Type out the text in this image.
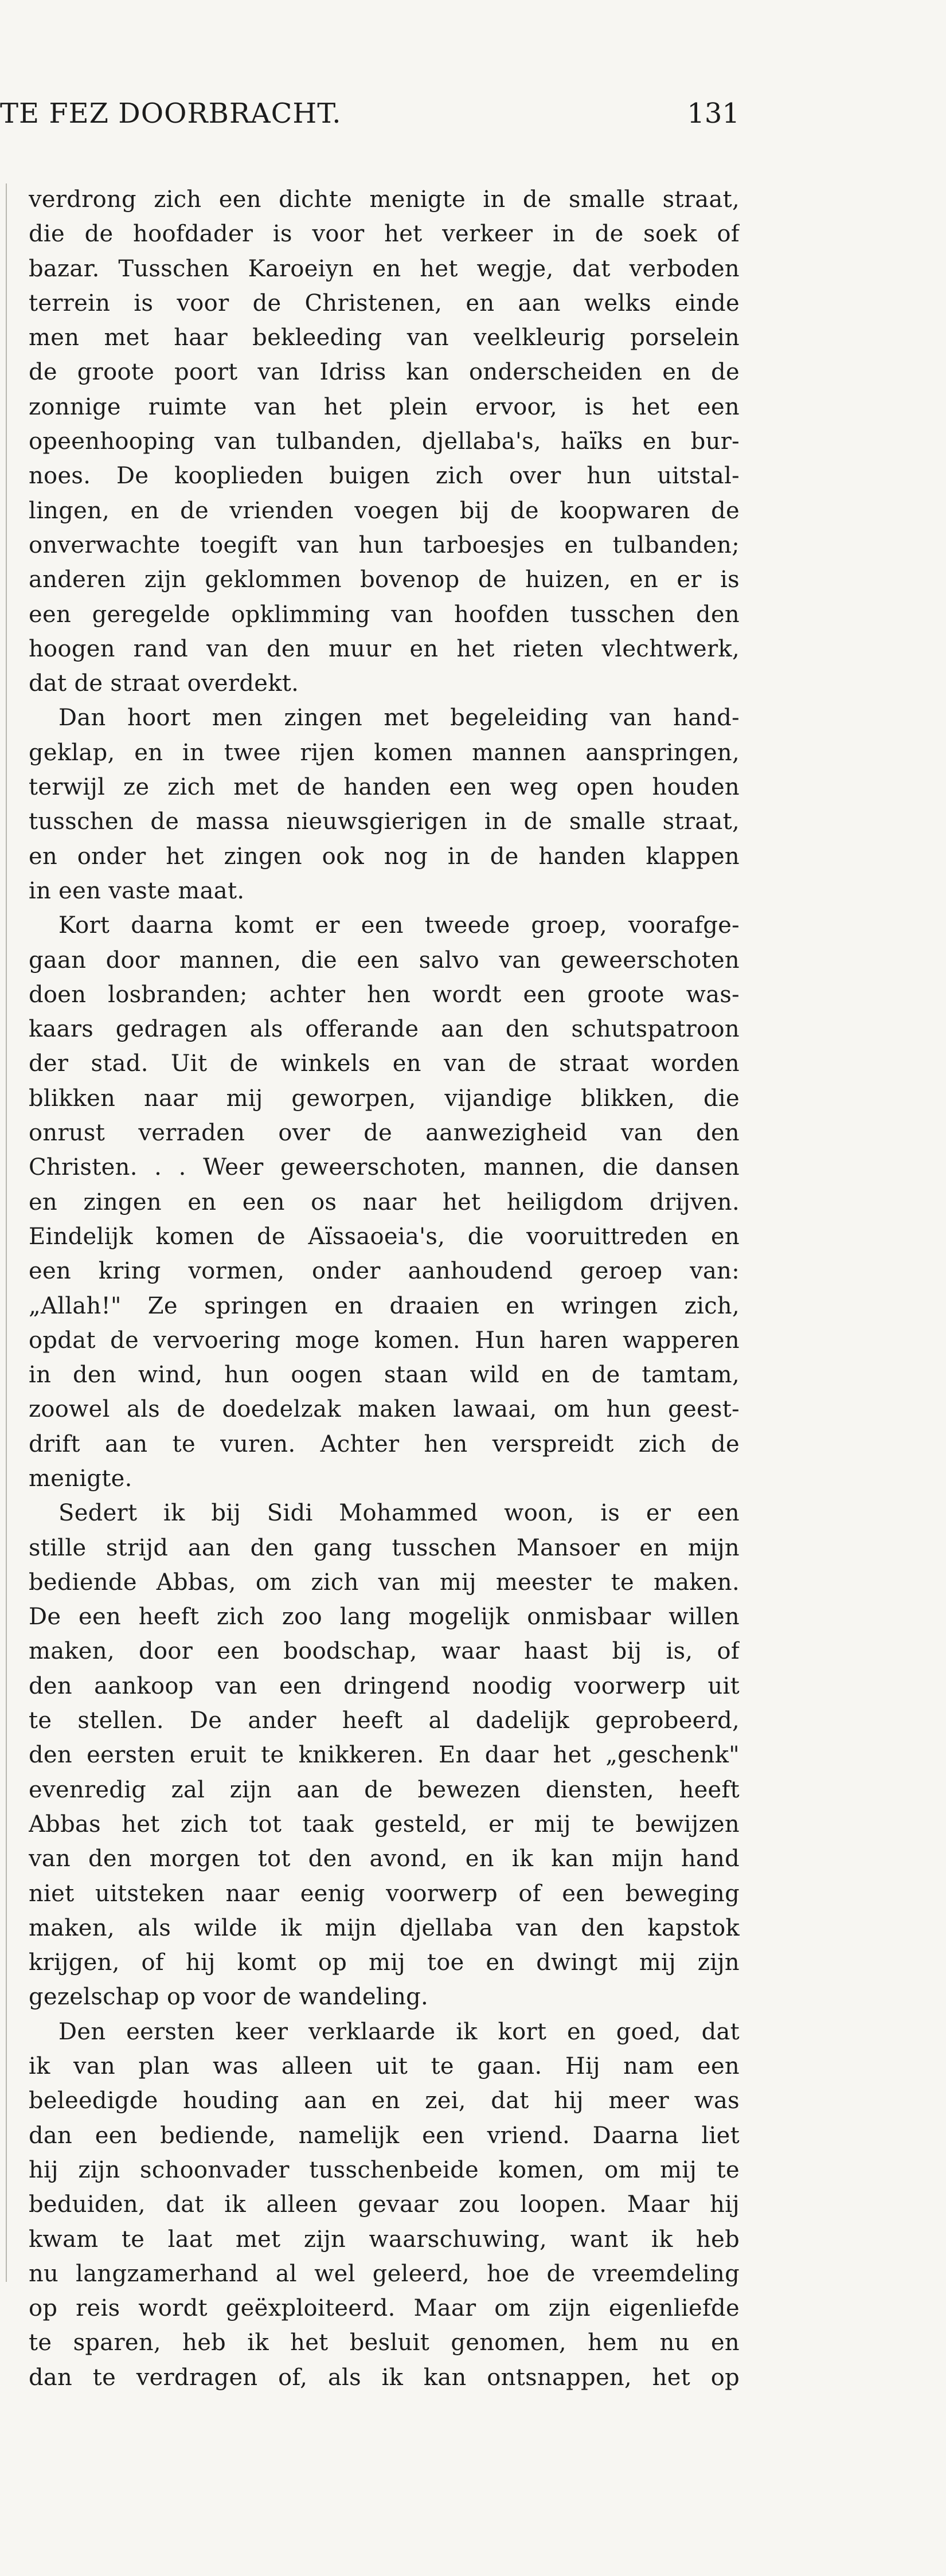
TE FEZ DOORBRACHT.	131
verdrong zich een dichte menigte in de smalle straat,
die de hoofdader is voor het verkeer in de soek of
bazar. Tusschen Karoeiyn en het wegje, dat verboden
terrein is voor de Christenen, en aan welks einde
men met haar bekleeding van veelkleurig porselein
de groote poort van Idriss kan onderscheiden en de
zonnige ruimte van het plein ervoor, is het een
opeenhooping van tulbanden, djellaba's, haïks en bur-
noes. De kooplieden buigen zich over hun uitstal-
lingen, en de vrienden voegen bij de koopwaren de
onverwachte toegift van hun tarboesjes en tulbanden;
anderen zijn geklommen bovenop de huizen, en er is
een geregelde opklimming van hoofden tusschen den
hoogen rand van den muur en het rieten vlechtwerk,
dat de straat overdekt.
Dan hoort men zingen met begeleiding van hand-
geklap, en in twee rijen komen mannen aanspringen,
terwijl ze zich met de handen een weg open houden
tusschen de massa nieuwsgierigen in de smalle straat,
en onder het zingen ook nog in de handen klappen
in een vaste maat.
Kort daarna komt er een tweede groep, voorafge-
gaan door mannen, die een salvo van geweerschoten
doen losbranden; achter hen wordt een groote was-
kaars gedragen als offerande aan den schutspatroon
der stad. Uit de winkels en van de straat worden
blikken naar mij geworpen, vijandige blikken, die
onrust verraden over de aanwezigheid van den
Christen. . . Weer geweerschoten, mannen, die dansen
en zingen en een os naar het heiligdom drijven.
Eindelijk komen de Aïssaoeia's, die vooruittreden en
een kring vormen, onder aanhoudend geroep van:
„Allah!" Ze springen en draaien en wringen zich,
opdat de vervoering moge komen. Hun haren wapperen
in den wind, hun oogen staan wild en de tamtam,
zoowel als de doedelzak maken lawaai, om hun geest-
drift aan te vuren. Achter hen verspreidt zich de
menigte.
Sedert ik bij Sidi Mohammed woon, is er een
stille strijd aan den gang tusschen Mansoer en mijn
bediende Abbas, om zich van mij meester te maken.
De een heeft zich zoo lang mogelijk onmisbaar willen
maken, door een boodschap, waar haast bij is, of
den aankoop van een dringend noodig voorwerp uit
te stellen. De ander heeft al dadelijk geprobeerd,
den eersten eruit te knikkeren. En daar het „geschenk"
evenredig zal zijn aan de bewezen diensten, heeft
Abbas het zich tot taak gesteld, er mij te bewijzen
van den morgen tot den avond, en ik kan mijn hand
niet uitsteken naar eenig voorwerp of een beweging
maken, als wilde ik mijn djellaba van den kapstok
krijgen, of hij komt op mij toe en dwingt mij zijn
gezelschap op voor de wandeling.
Den eersten keer verklaarde ik kort en goed, dat
ik van plan was alleen uit te gaan. Hij nam een
beleedigde houding aan en zei, dat hij meer was
dan een bediende, namelijk een vriend. Daarna liet
hij zijn schoonvader tusschenbeide komen, om mij te
beduiden, dat ik alleen gevaar zou loopen. Maar hij
kwam te laat met zijn waarschuwing, want ik heb
nu langzamerhand al wel geleerd, hoe de vreemdeling
op reis wordt geëxploiteerd. Maar om zijn eigenliefde
te sparen, heb ik het besluit genomen, hem nu en
dan te verdragen of, als ik kan ontsnappen, het op
